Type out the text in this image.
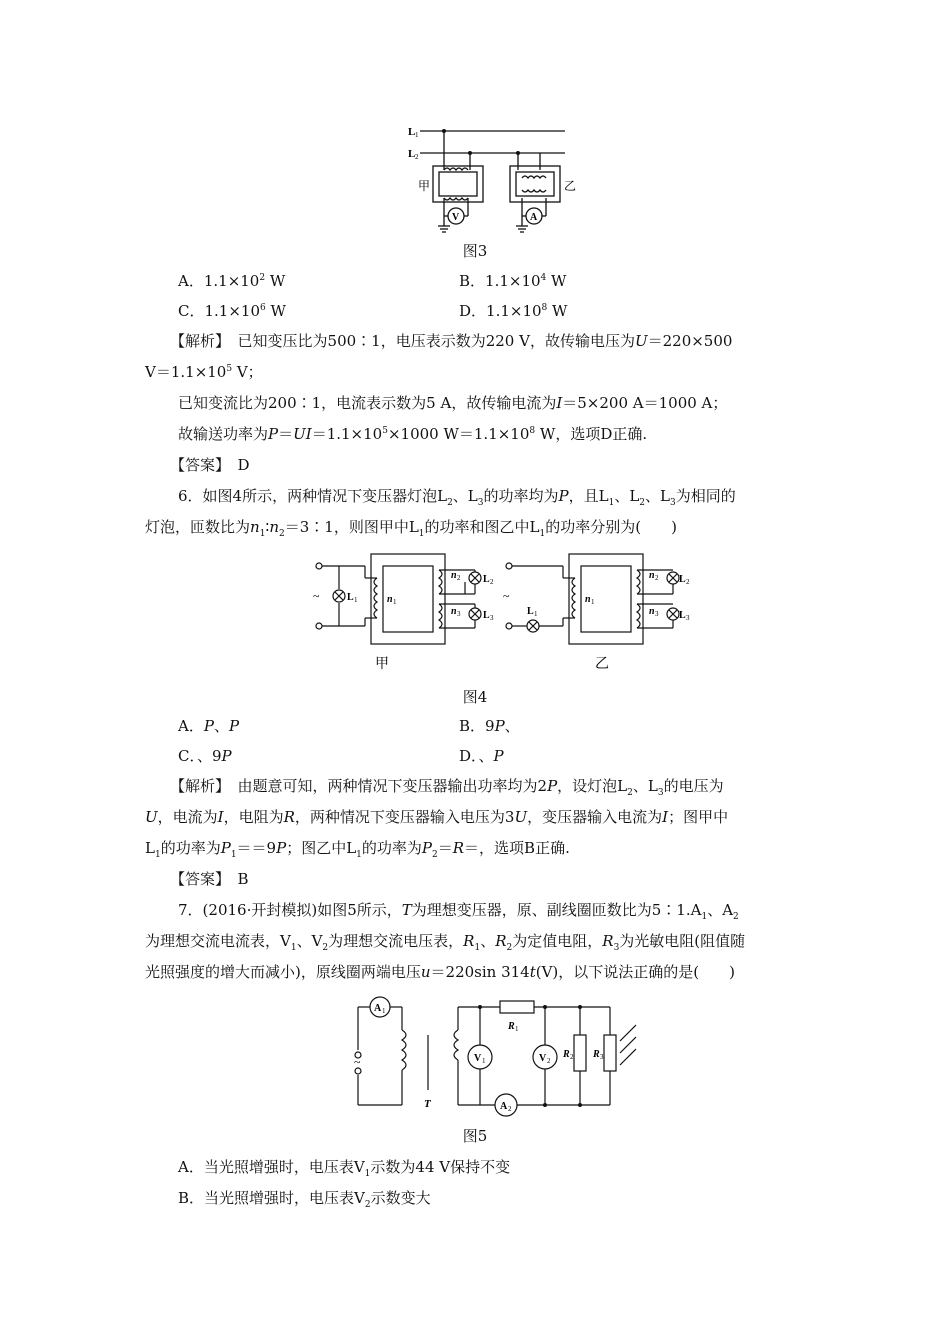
L 1
L 2
甲	乙
V	A
图3
A．$1.1\times 10^2$ W	B．$1.1\times 10^4$ W
C．$1.1\times 10^6$ W	D．$1.1\times 10^8$ W
【解析】　 已知变压比为500∶1，电压表示数为220 V，故传输电压为U＝220×500
$V=1.1\times 10^5$ V；
已知变流比为200∶1，电流表示数为5 A，故传输电流为I＝5×200 A＝1000 A；
故输送功率为$P=UI=1.1\times 10^5\times 1000$ $W=1.1\times 10^8$ W，选项D正确.
【答案】　 D
6．如图4所示，两种情况下变压器灯泡$L_2$、$L_3$的功率均为P，且$L_1$、$L_2$、$L_3$为相同的
灯泡，匝数比为$n_1∶n_2=3∶1$，则图甲中$L_1$的功率和图乙中$L_1$的功率分别为(　　)
~	~
L 1	n 1
n 2
n 3
L 2
L 3
L 1
n 1
n 2
n 3
L 2
L 3
甲	乙
图4
A．P、P	B．9P、
C．、9P	D．、P
【解析】　 由题意可知，两种情况下变压器输出功率均为2P，设灯泡$L_2$、$L_3$的电压为
U，电流为I，电阻为R，两种情况下变压器输入电压为3U，变压器输入电流为I；图甲中
$L_1$的功率为$P_1==9P$；图乙中$L_1$的功率为$P_2=R=$，选项B正确.
【答案】　 B
7．(2016·开封模拟)如图5所示，T为理想变压器，原、副线圈匝数比为$5∶1.A_1$、$A_2$
为理想交流电流表，$V_1$、$V_2$为理想交流电压表，$R_1$、$R_2$为定值电阻，$R_3$为光敏电阻(阻值随
光照强度的增大而减小)，原线圈两端电压u＝220sin 314t(V)，以下说法正确的是(　　)
A 1
~
T
R 1
V 1	V 2
R 2 R 3
A 2
图5
A．当光照增强时，电压表$V_1$示数为44 V保持不变
B．当光照增强时，电压表$V_2$示数变大
